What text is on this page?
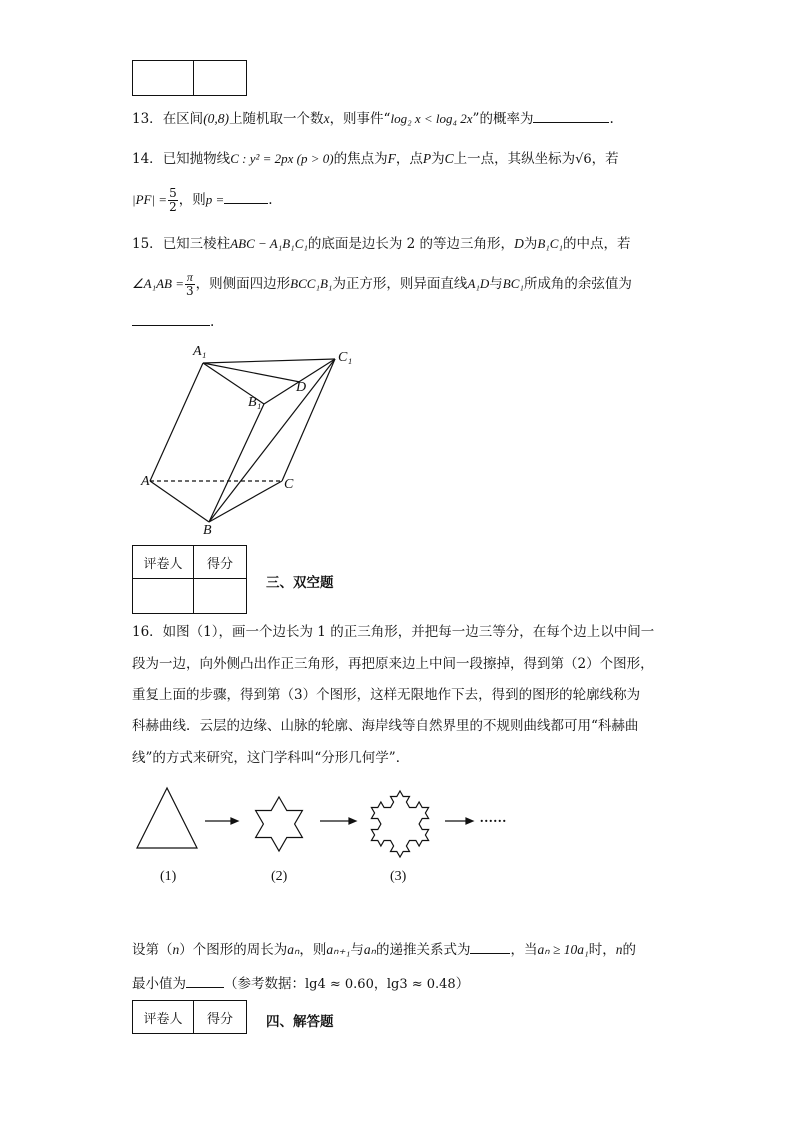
13．在区间(0,8)上随机取一个数x，则事件“log₂ x < log₄ 2x”的概率为	.
14．已知抛物线C : y² = 2px (p > 0)的焦点为F，点P为C上一点，其纵坐标为√6，若
$|PF| = \frac{5}{2}$ ，则p =	.
15．已知三棱柱ABC − A₁B₁C₁的底面是边长为 2 的等边三角形，D为B₁C₁的中点，若
∠A₁AB = $\frac{\pi}{3}$ ，则侧面四边形BCC₁B₁为正方形，则异面直线A₁D与BC₁所成角的余弦值为
.
A₁	C₁
D
B₁
A	C
B
评卷人	得分

三、双空题
16．如图（1），画一个边长为 1 的正三角形，并把每一边三等分，在每个边上以中间一
段为一边，向外侧凸出作正三角形，再把原来边上中间一段擦掉，得到第（2）个图形，
重复上面的步骤，得到第（3）个图形，这样无限地作下去，得到的图形的轮廓线称为
科赫曲线．云层的边缘、山脉的轮廓、海岸线等自然界里的不规则曲线都可用“科赫曲
线”的方式来研究，这门学科叫“分形几何学”．
......
(1)	(2)	(3)
设第（n）个图形的周长为aₙ，则aₙ₊₁与aₙ的递推关系式为	，当aₙ ≥ 10a₁时，n的
最小值为	（参考数据：lg4 ≈ 0.60，lg3 ≈ 0.48）
评卷人	得分 四、解答题
